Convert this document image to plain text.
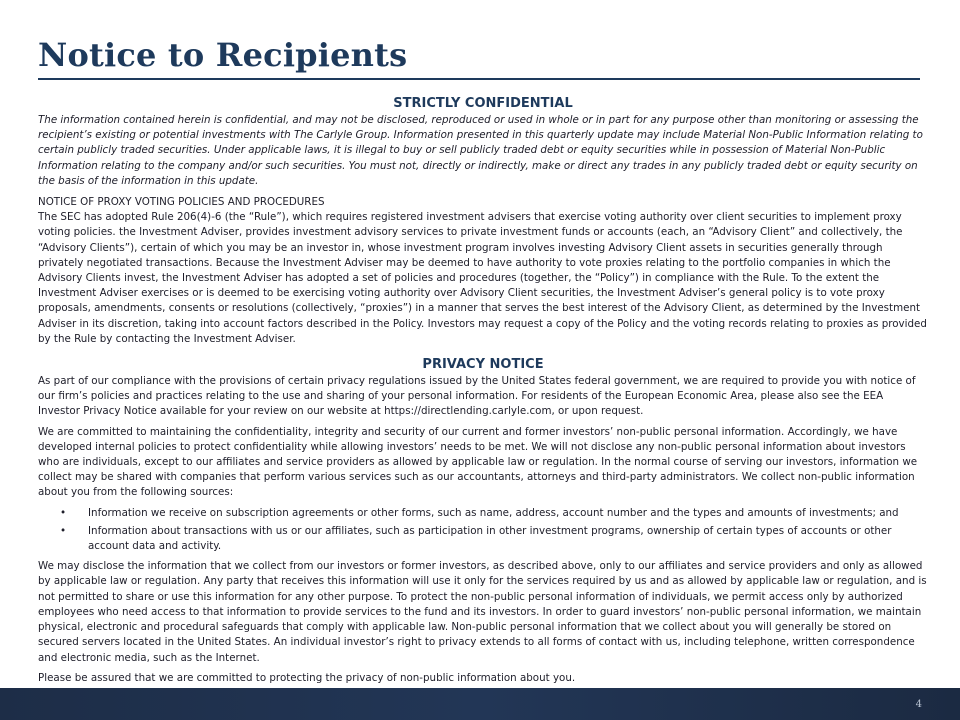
Notice to Recipients
STRICTLY CONFIDENTIAL

The information contained herein is confidential, and may not be disclosed, reproduced or used in whole or in part for any purpose other than monitoring or assessing the recipient’s existing or potential investments with The Carlyle Group. Information presented in this quarterly update may include Material Non-Public Information relating to certain publicly traded securities. Under applicable laws, it is illegal to buy or sell publicly traded debt or equity securities while in possession of Material Non-Public Information relating to the company and/or such securities. You must not, directly or indirectly, make or direct any trades in any publicly traded debt or equity security on the basis of the information in this update.

NOTICE OF PROXY VOTING POLICIES AND PROCEDURES

The SEC has adopted Rule 206(4)-6 (the “Rule”), which requires registered investment advisers that exercise voting authority over client securities to implement proxy voting policies. the Investment Adviser, provides investment advisory services to private investment funds or accounts (each, an “Advisory Client” and collectively, the “Advisory Clients”), certain of which you may be an investor in, whose investment program involves investing Advisory Client assets in securities generally through privately negotiated transactions. Because the Investment Adviser may be deemed to have authority to vote proxies relating to the portfolio companies in which the Advisory Clients invest, the Investment Adviser has adopted a set of policies and procedures (together, the “Policy”) in compliance with the Rule. To the extent the Investment Adviser exercises or is deemed to be exercising voting authority over Advisory Client securities, the Investment Adviser’s general policy is to vote proxy proposals, amendments, consents or resolutions (collectively, “proxies”) in a manner that serves the best interest of the Advisory Client, as determined by the Investment Adviser in its discretion, taking into account factors described in the Policy. Investors may request a copy of the Policy and the voting records relating to proxies as provided by the Rule by contacting the Investment Adviser.

PRIVACY NOTICE

As part of our compliance with the provisions of certain privacy regulations issued by the United States federal government, we are required to provide you with notice of our firm’s policies and practices relating to the use and sharing of your personal information. For residents of the European Economic Area, please also see the EEA Investor Privacy Notice available for your review on our website at https://directlending.carlyle.com, or upon request.

We are committed to maintaining the confidentiality, integrity and security of our current and former investors’ non-public personal information. Accordingly, we have developed internal policies to protect confidentiality while allowing investors’ needs to be met. We will not disclose any non-public personal information about investors who are individuals, except to our affiliates and service providers as allowed by applicable law or regulation. In the normal course of serving our investors, information we collect may be shared with companies that perform various services such as our accountants, attorneys and third-party administrators. We collect non-public information about you from the following sources:

• Information we receive on subscription agreements or other forms, such as name, address, account number and the types and amounts of investments; and
• Information about transactions with us or our affiliates, such as participation in other investment programs, ownership of certain types of accounts or other account data and activity.

We may disclose the information that we collect from our investors or former investors, as described above, only to our affiliates and service providers and only as allowed by applicable law or regulation. Any party that receives this information will use it only for the services required by us and as allowed by applicable law or regulation, and is not permitted to share or use this information for any other purpose. To protect the non-public personal information of individuals, we permit access only by authorized employees who need access to that information to provide services to the fund and its investors. In order to guard investors’ non-public personal information, we maintain physical, electronic and procedural safeguards that comply with applicable law. Non-public personal information that we collect about you will generally be stored on secured servers located in the United States. An individual investor’s right to privacy extends to all forms of contact with us, including telephone, written correspondence and electronic media, such as the Internet.

Please be assured that we are committed to protecting the privacy of non-public information about you.

4
